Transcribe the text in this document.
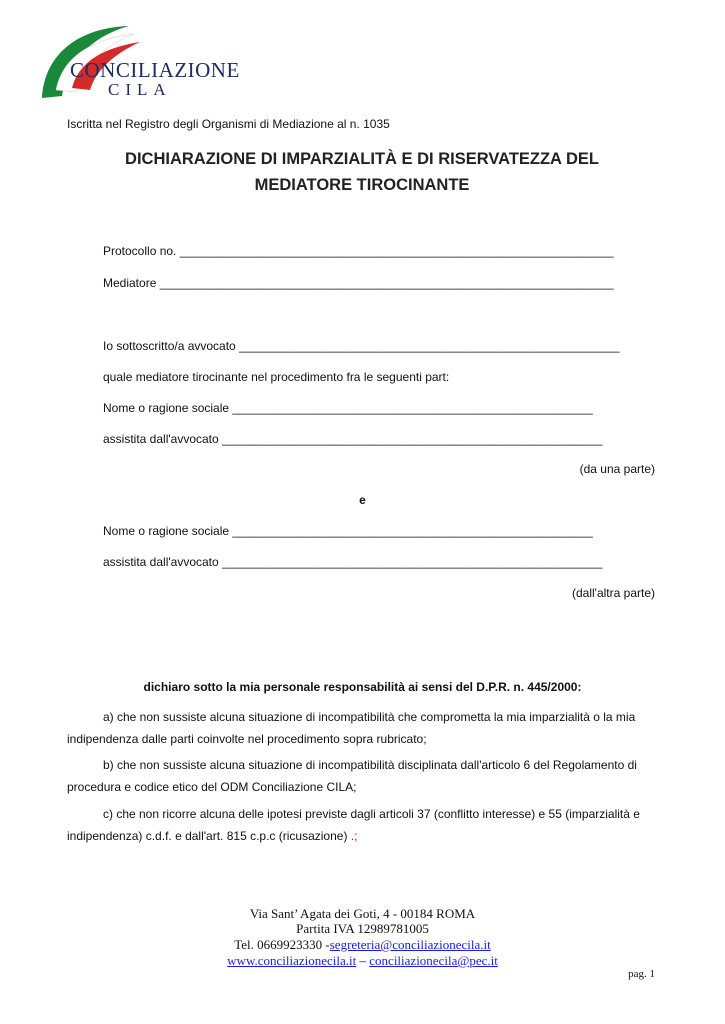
CONCILIAZIONE
CILA
Iscritta nel Registro degli Organismi di Mediazione al n. 1035
DICHIARAZIONE DI IMPARZIALITÀ E DI RISERVATEZZA DEL
MEDIATORE TIROCINANTE
Protocollo no. _________________________________________________________________
Mediatore ____________________________________________________________________
Io sottoscritto/a avvocato _________________________________________________________
quale mediatore tirocinante nel procedimento fra le seguenti part:
Nome o ragione sociale ______________________________________________________
assistita dall'avvocato _________________________________________________________
(da una parte)
e
Nome o ragione sociale ______________________________________________________
assistita dall'avvocato _________________________________________________________
(dall'altra parte)
dichiaro sotto la mia personale responsabilità ai sensi del D.P.R. n. 445/2000:
a) che non sussiste alcuna situazione di incompatibilità che comprometta la mia imparzialità o la mia indipendenza dalle parti coinvolte nel procedimento sopra rubricato;
b) che non sussiste alcuna situazione di incompatibilità disciplinata dall'articolo 6 del Regolamento di procedura e codice etico del ODM Conciliazione CILA;
c) che non ricorre alcuna delle ipotesi previste dagli articoli 37 (conflitto interesse) e 55 (imparzialità e indipendenza) c.d.f. e dall'art. 815 c.p.c (ricusazione) .;
Via Sant’ Agata dei Goti, 4 - 00184 ROMA
Partita IVA 12989781005
Tel. 0669923330 -segreteria@conciliazionecila.it
www.conciliazionecila.it – conciliazionecila@pec.it
pag. 1
